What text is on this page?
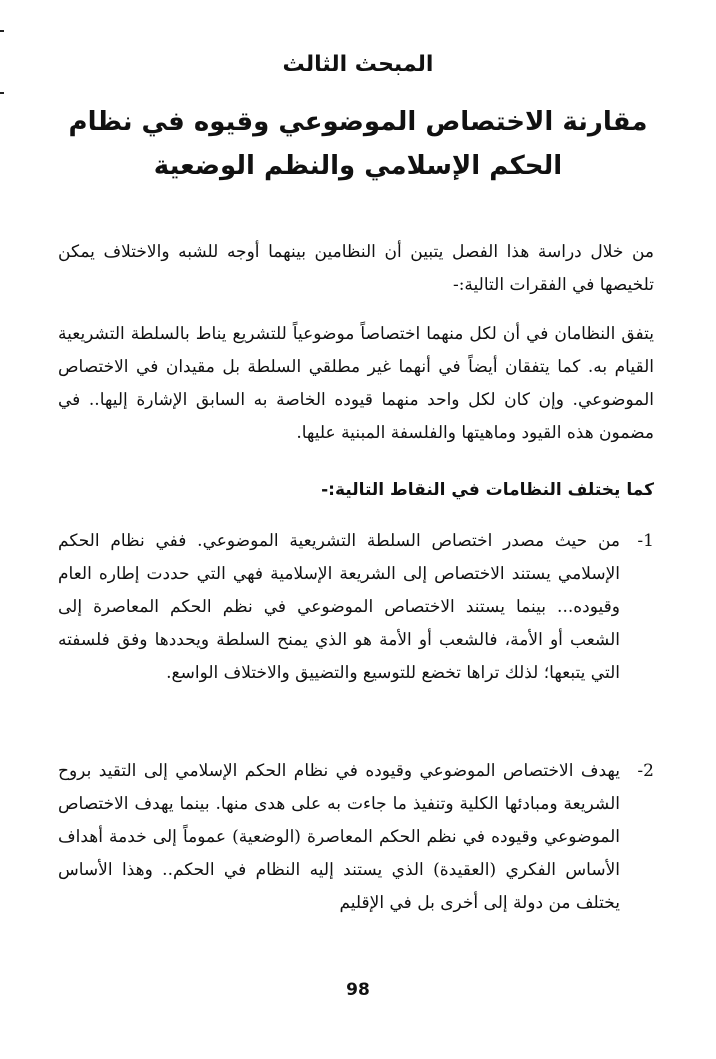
المبحث الثالث
مقارنة الاختصاص الموضوعي وقيوه في نظام الحكم الإسلامي والنظم الوضعية
من خلال دراسة هذا الفصل يتبين أن النظامين بينهما أوجه للشبه والاختلاف يمكن تلخيصها في الفقرات التالية:-
يتفق النظامان في أن لكل منهما اختصاصاً موضوعياً للتشريع يناط بالسلطة التشريعية القيام به. كما يتفقان أيضاً في أنهما غير مطلقي السلطة بل مقيدان في الاختصاص الموضوعي. وإن كان لكل واحد منهما قيوده الخاصة به السابق الإشارة إليها.. في مضمون هذه القيود وماهيتها والفلسفة المبنية عليها.
كما يختلف النظامات في النقاط التالية:-
1-
من حيث مصدر اختصاص السلطة التشريعية الموضوعي. ففي نظام الحكم الإسلامي يستند الاختصاص إلى الشريعة الإسلامية فهي التي حددت إطاره العام وقيوده... بينما يستند الاختصاص الموضوعي في نظم الحكم المعاصرة إلى الشعب أو الأمة، فالشعب أو الأمة هو الذي يمنح السلطة ويحددها وفق فلسفته التي يتبعها؛ لذلك تراها تخضع للتوسيع والتضييق والاختلاف الواسع.
2-
يهدف الاختصاص الموضوعي وقيوده في نظام الحكم الإسلامي إلى التقيد بروح الشريعة ومبادئها الكلية وتنفيذ ما جاءت به على هدى منها. بينما يهدف الاختصاص الموضوعي وقيوده في نظم الحكم المعاصرة (الوضعية) عموماً إلى خدمة أهداف الأساس الفكري (العقيدة) الذي يستند إليه النظام في الحكم.. وهذا الأساس يختلف من دولة إلى أخرى بل في الإقليم
98
